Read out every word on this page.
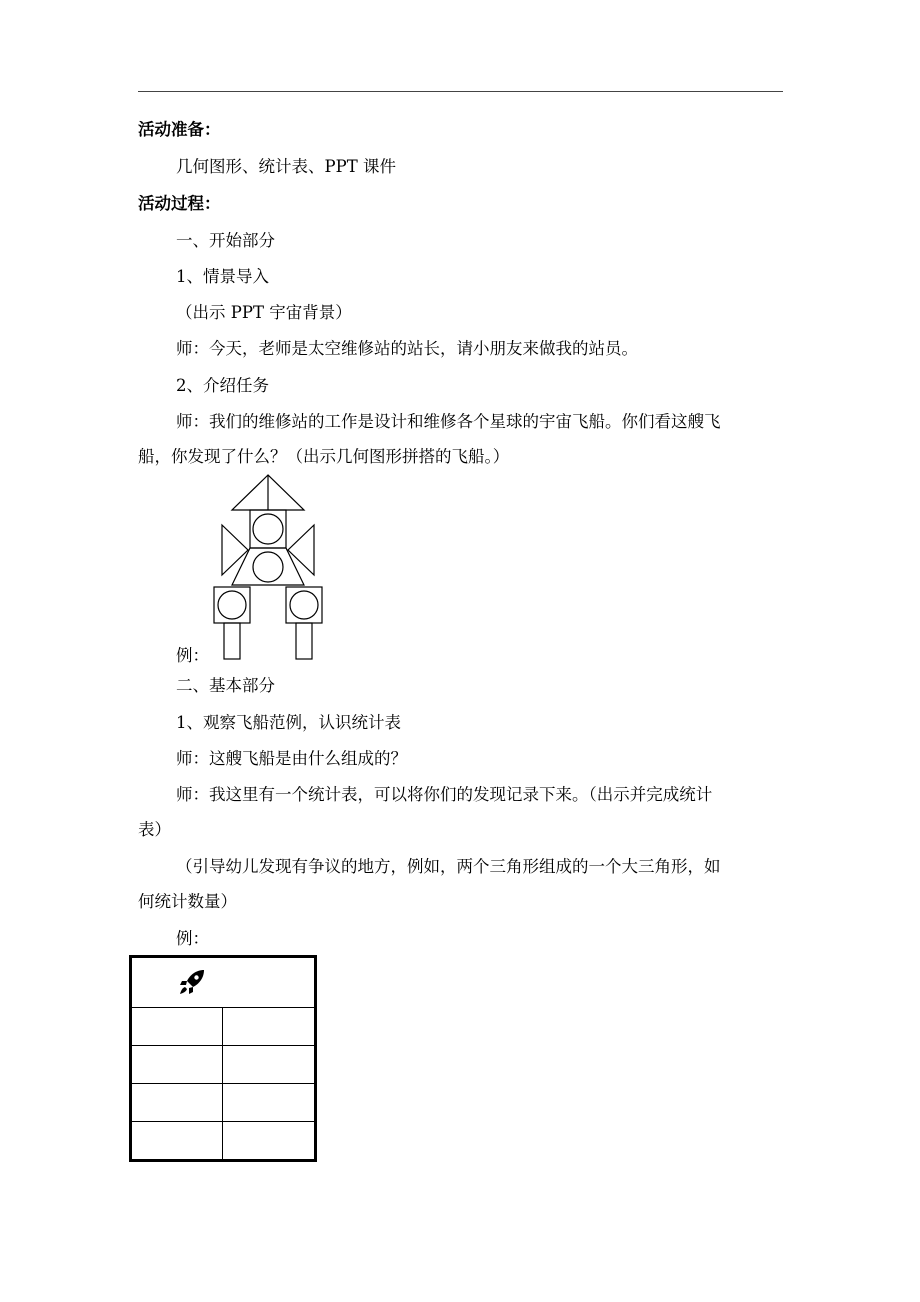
活动准备：
几何图形、统计表、PPT 课件
活动过程：
一、开始部分
1、情景导入
（出示 PPT 宇宙背景）
师：今天，老师是太空维修站的站长，请小朋友来做我的站员。
2、介绍任务
师：我们的维修站的工作是设计和维修各个星球的宇宙飞船。你们看这艘飞
船，你发现了什么？（出示几何图形拼搭的飞船。）
例：
二、基本部分
1、观察飞船范例，认识统计表
师：这艘飞船是由什么组成的？
师：我这里有一个统计表，可以将你们的发现记录下来。（出示并完成统计
表）
（引导幼儿发现有争议的地方，例如，两个三角形组成的一个大三角形，如
何统计数量）
例：
